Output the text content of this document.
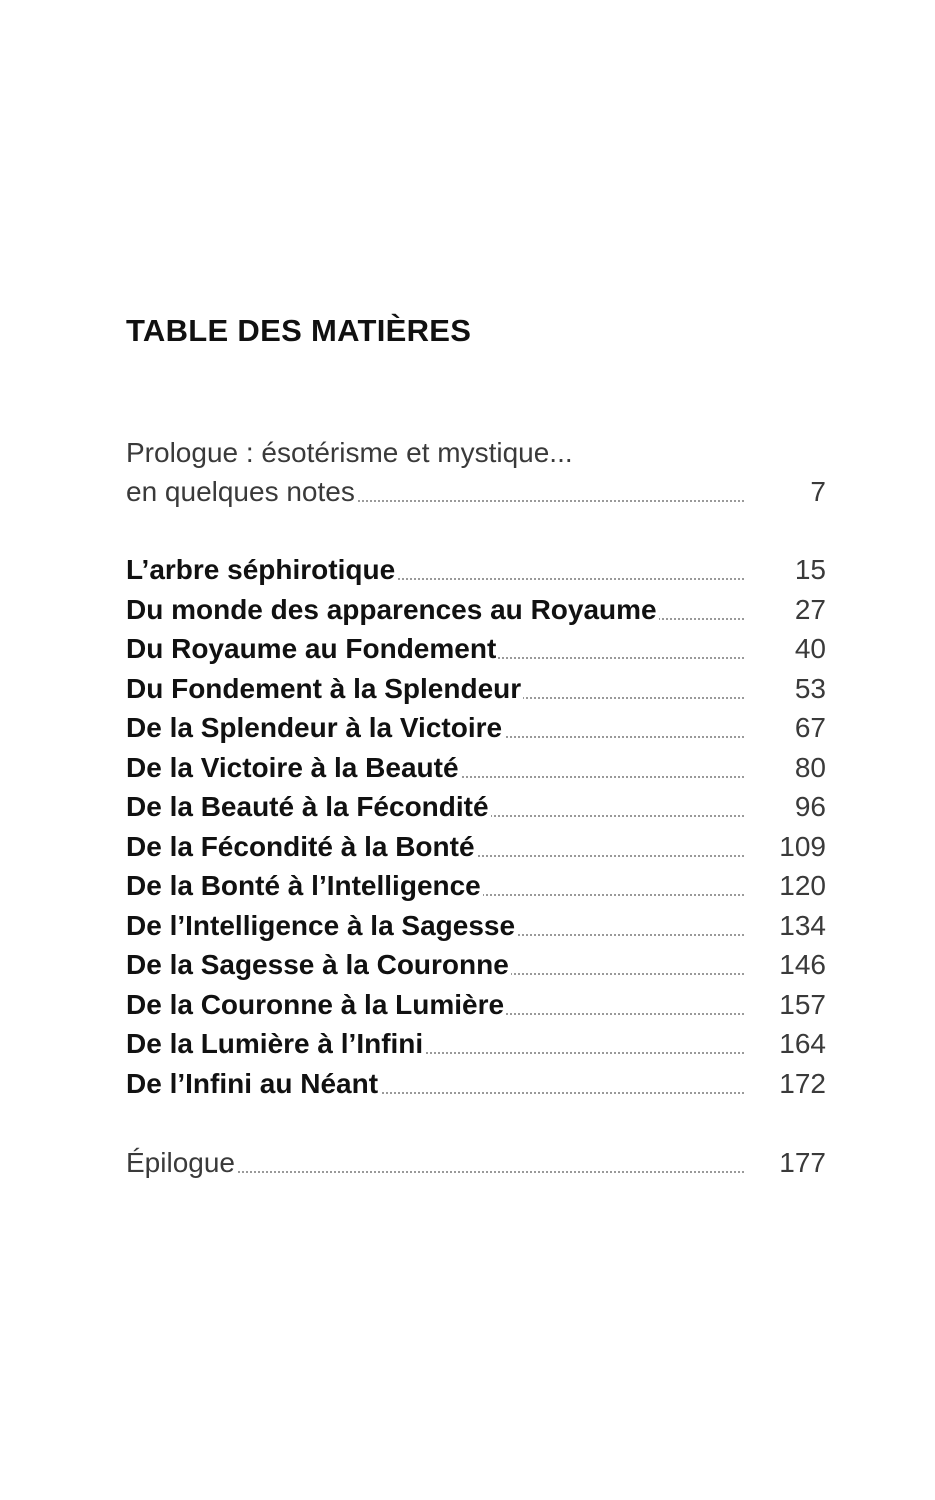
TABLE DES MATIÈRES
Prologue : ésotérisme et mystique...
en quelques notes	7
L’arbre séphirotique	15
Du monde des apparences au Royaume	27
Du Royaume au Fondement	40
Du Fondement à la Splendeur	53
De la Splendeur à la Victoire	67
De la Victoire à la Beauté	80
De la Beauté à la Fécondité	96
De la Fécondité à la Bonté	109
De la Bonté à l’Intelligence	120
De l’Intelligence à la Sagesse	134
De la Sagesse à la Couronne	146
De la Couronne à la Lumière	157
De la Lumière à l’Infini	164
De l’Infini au Néant	172
Épilogue	177
